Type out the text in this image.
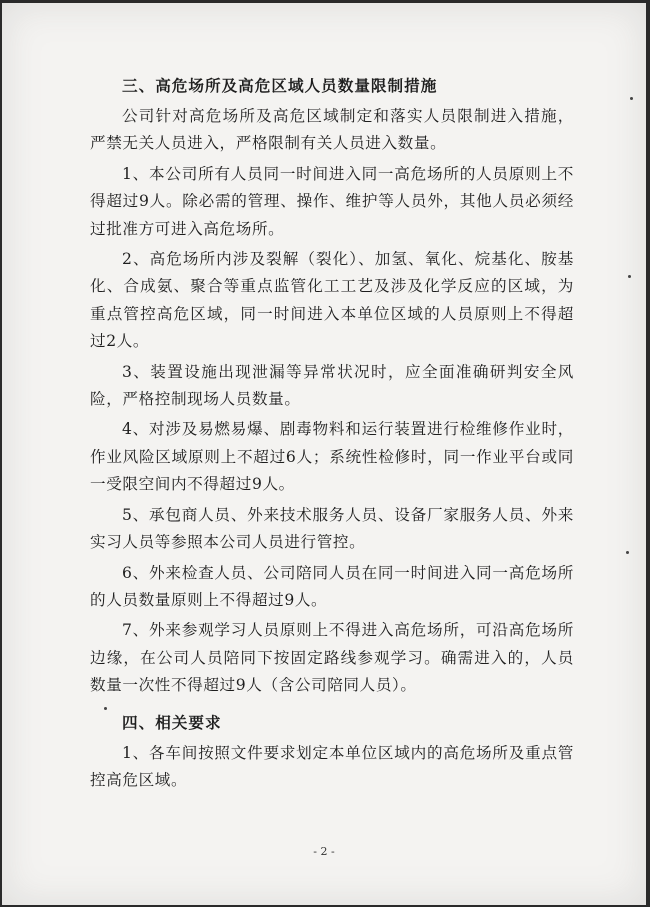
三、高危场所及高危区域人员数量限制措施

公司针对高危场所及高危区域制定和落实人员限制进入措施，严禁无关人员进入，严格限制有关人员进入数量。

1、本公司所有人员同一时间进入同一高危场所的人员原则上不得超过9人。除必需的管理、操作、维护等人员外，其他人员必须经过批准方可进入高危场所。

2、高危场所内涉及裂解（裂化）、加氢、氧化、烷基化、胺基化、合成氨、聚合等重点监管化工工艺及涉及化学反应的区域，为重点管控高危区域，同一时间进入本单位区域的人员原则上不得超过2人。

3、装置设施出现泄漏等异常状况时，应全面准确研判安全风险，严格控制现场人员数量。

4、对涉及易燃易爆、剧毒物料和运行装置进行检维修作业时，作业风险区域原则上不超过6人；系统性检修时，同一作业平台或同一受限空间内不得超过9人。

5、承包商人员、外来技术服务人员、设备厂家服务人员、外来实习人员等参照本公司人员进行管控。

6、外来检查人员、公司陪同人员在同一时间进入同一高危场所的人员数量原则上不得超过9人。

7、外来参观学习人员原则上不得进入高危场所，可沿高危场所边缘，在公司人员陪同下按固定路线参观学习。确需进入的，人员数量一次性不得超过9人（含公司陪同人员）。

四、相关要求

1、各车间按照文件要求划定本单位区域内的高危场所及重点管控高危区域。

- 2 -
